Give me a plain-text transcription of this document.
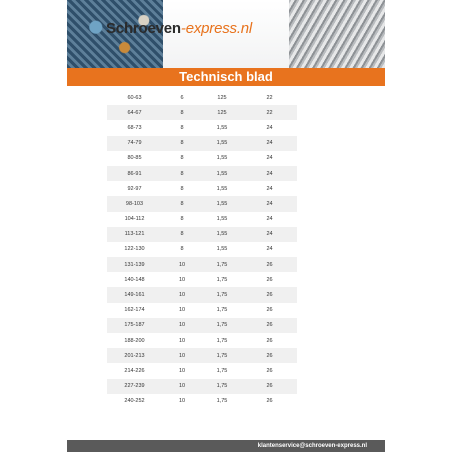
Schroeven-express.nl
Technisch blad
60-63	6	125	22
64-67	8	125	22
68-73	8	1,55	24
74-79	8	1,55	24
80-85	8	1,55	24
86-91	8	1,55	24
92-97	8	1,55	24
98-103	8	1,55	24
104-112	8	1,55	24
113-121	8	1,55	24
122-130	8	1,55	24
131-139	10	1,75	26
140-148	10	1,75	26
149-161	10	1,75	26
162-174	10	1,75	26
175-187	10	1,75	26
188-200	10	1,75	26
201-213	10	1,75	26
214-226	10	1,75	26
227-239	10	1,75	26
240-252	10	1,75	26
klantenservice@schroeven-express.nl
